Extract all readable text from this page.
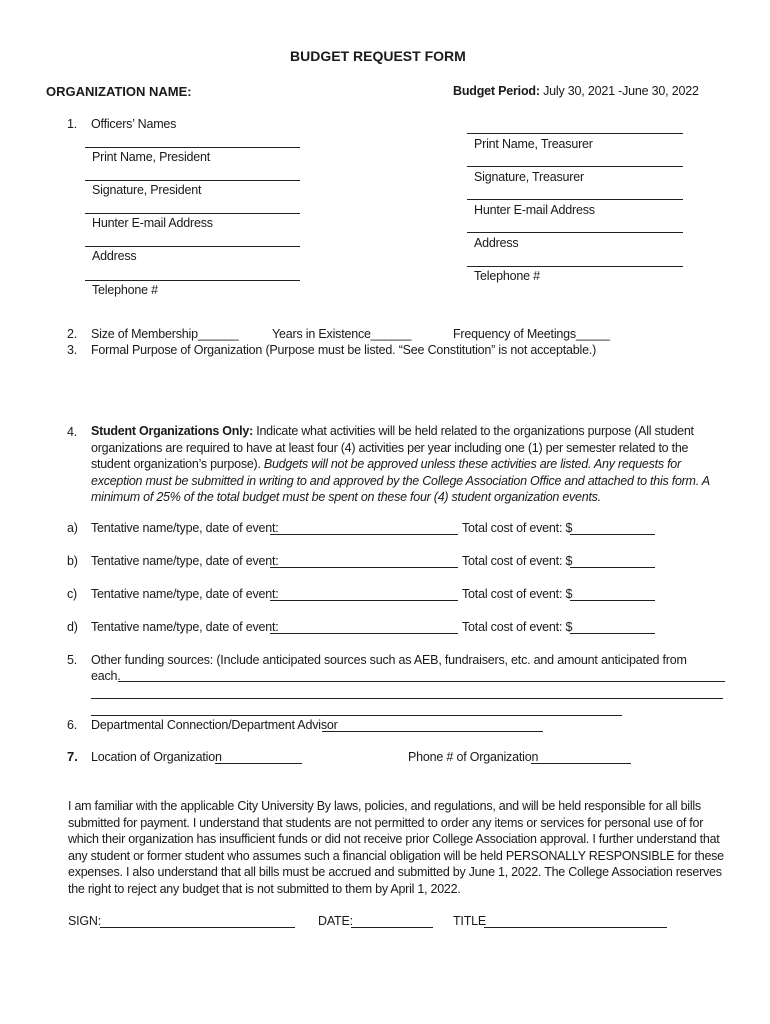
BUDGET REQUEST FORM
ORGANIZATION NAME:	Budget Period: July 30, 2021 -June 30, 2022
1. Officers’ Names
Print Name, President
Signature, President
Hunter E-mail Address
Address
Telephone #
Print Name, Treasurer
Signature, Treasurer
Hunter E-mail Address
Address
Telephone #
2. Size of Membership______	Years in Existence______	Frequency of Meetings_____
3. Formal Purpose of Organization (Purpose must be listed. “See Constitution” is not acceptable.)
4. Student Organizations Only: Indicate what activities will be held related to the organizations purpose (All student organizations are required to have at least four (4) activities per year including one (1) per semester related to the student organization’s purpose). Budgets will not be approved unless these activities are listed. Any requests for exception must be submitted in writing to and approved by the College Association Office and attached to this form. A minimum of 25% of the total budget must be spent on these four (4) student organization events.
a) Tentative name/type, date of event:	Total cost of event: $
b) Tentative name/type, date of event:	Total cost of event: $
c) Tentative name/type, date of event:	Total cost of event: $
d) Tentative name/type, date of event:	Total cost of event: $
5. Other funding sources: (Include anticipated sources such as AEB, fundraisers, etc. and amount anticipated from
each.
6. Departmental Connection/Department Advisor
7. Location of Organization	Phone # of Organization
I am familiar with the applicable City University By laws, policies, and regulations, and will be held responsible for all bills submitted for payment. I understand that students are not permitted to order any items or services for personal use of for which their organization has insufficient funds or did not receive prior College Association approval. I further understand that any student or former student who assumes such a financial obligation will be held PERSONALLY RESPONSIBLE for these expenses. I also understand that all bills must be accrued and submitted by June 1, 2022. The College Association reserves the right to reject any budget that is not submitted to them by April 1, 2022.
SIGN:	DATE:	TITLE
